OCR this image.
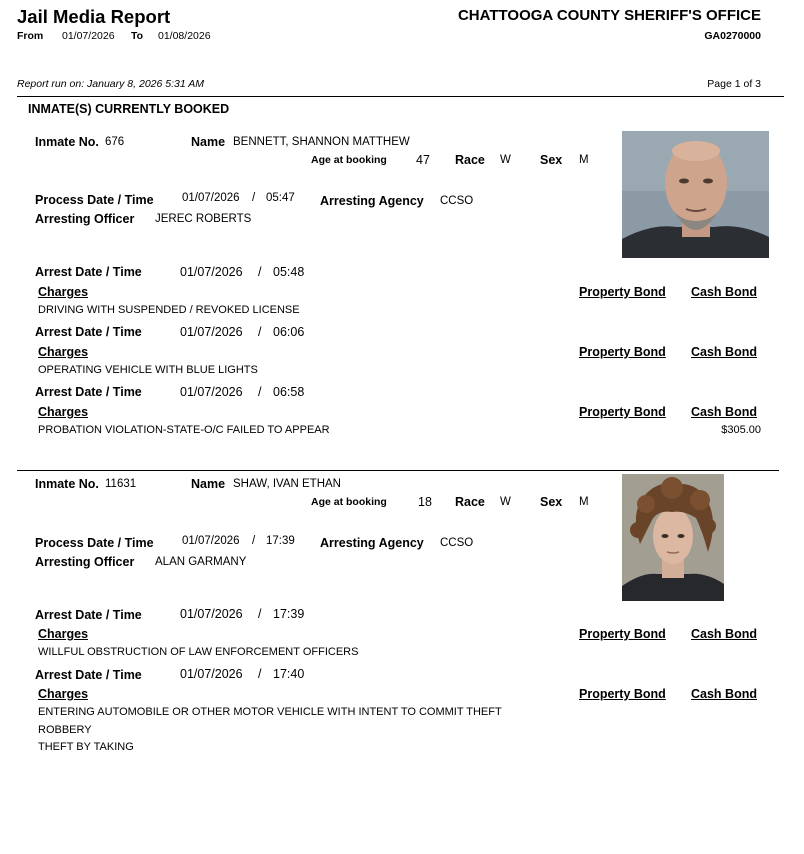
Jail Media Report	CHATTOOGA COUNTY SHERIFF'S OFFICE
From 01/07/2026 To 01/08/2026	GA0270000
Report run on: January 8, 2026 5:31 AM	Page 1 of 3
INMATE(S) CURRENTLY BOOKED
Inmate No. 676	Name BENNETT, SHANNON MATTHEW
Age at booking 47 Race W Sex M
Process Date / Time 01/07/2026 / 05:47 Arresting Agency CCSO
Arresting Officer JEREC ROBERTS
Arrest Date / Time	01/07/2026 / 05:48
Charges	Property Bond Cash Bond
DRIVING WITH SUSPENDED / REVOKED LICENSE
Arrest Date / Time	01/07/2026 / 06:06
Charges	Property Bond Cash Bond
OPERATING VEHICLE WITH BLUE LIGHTS
Arrest Date / Time	01/07/2026 / 06:58
Charges	Property Bond Cash Bond
PROBATION VIOLATION-STATE-O/C FAILED TO APPEAR	$305.00
Inmate No. 11631	Name SHAW, IVAN ETHAN
Age at booking 18 Race W Sex M
Process Date / Time 01/07/2026 / 17:39 Arresting Agency CCSO
Arresting Officer ALAN GARMANY
Arrest Date / Time	01/07/2026 / 17:39
Charges	Property Bond Cash Bond
WILLFUL OBSTRUCTION OF LAW ENFORCEMENT OFFICERS
Arrest Date / Time	01/07/2026 / 17:40
Charges	Property Bond Cash Bond
ENTERING AUTOMOBILE OR OTHER MOTOR VEHICLE WITH INTENT TO COMMIT THEFT
ROBBERY
THEFT BY TAKING
